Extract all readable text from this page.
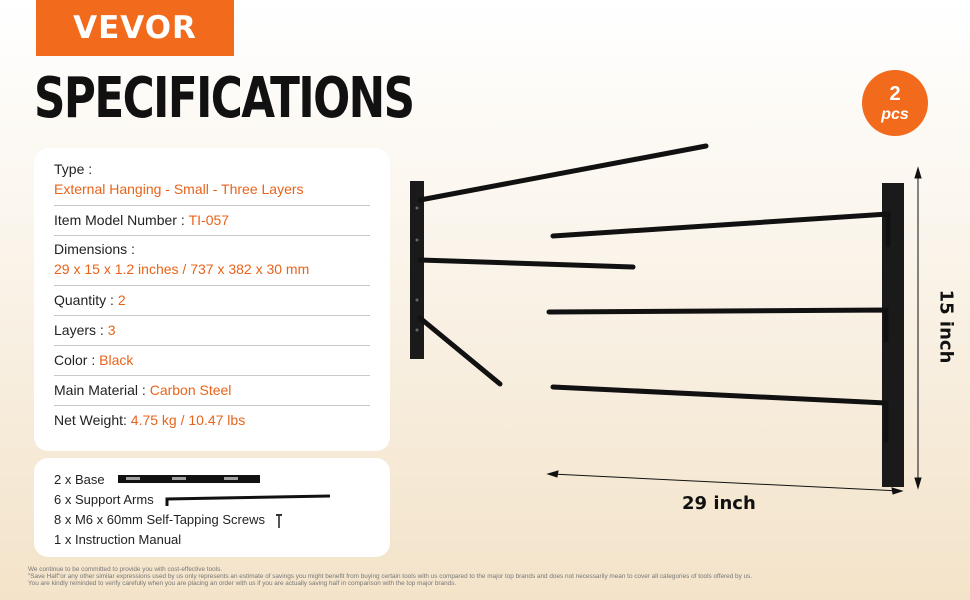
VEVOR
SPECIFICATIONS	2
pcs
Type :
External Hanging - Small - Three Layers
Item Model Number :
TI-057
Dimensions :
29 x 15 x 1.2 inches / 737 x 382 x 30 mm
Quantity :
2
Layers :
3
Color :
Black
Main Material :
Carbon Steel
Net Weight:
4.75 kg / 10.47 lbs
2 x Base
6 x Support Arms
8 x M6 x 60mm Self-Tapping Screws
1 x Instruction Manual
29 inch
15 inch
We continue to be committed to provide you with cost-effective tools.
"Save Half"or any other similar expressions used by us only represents an estimate of savings you might benefit from buying certain tools with us compared to the major top brands and does not necessarily mean to cover all categories of tools offered by us.
You are kindly reminded to verify carefully when you are placing an order with us if you are actually saving half in comparison with the top major brands.
